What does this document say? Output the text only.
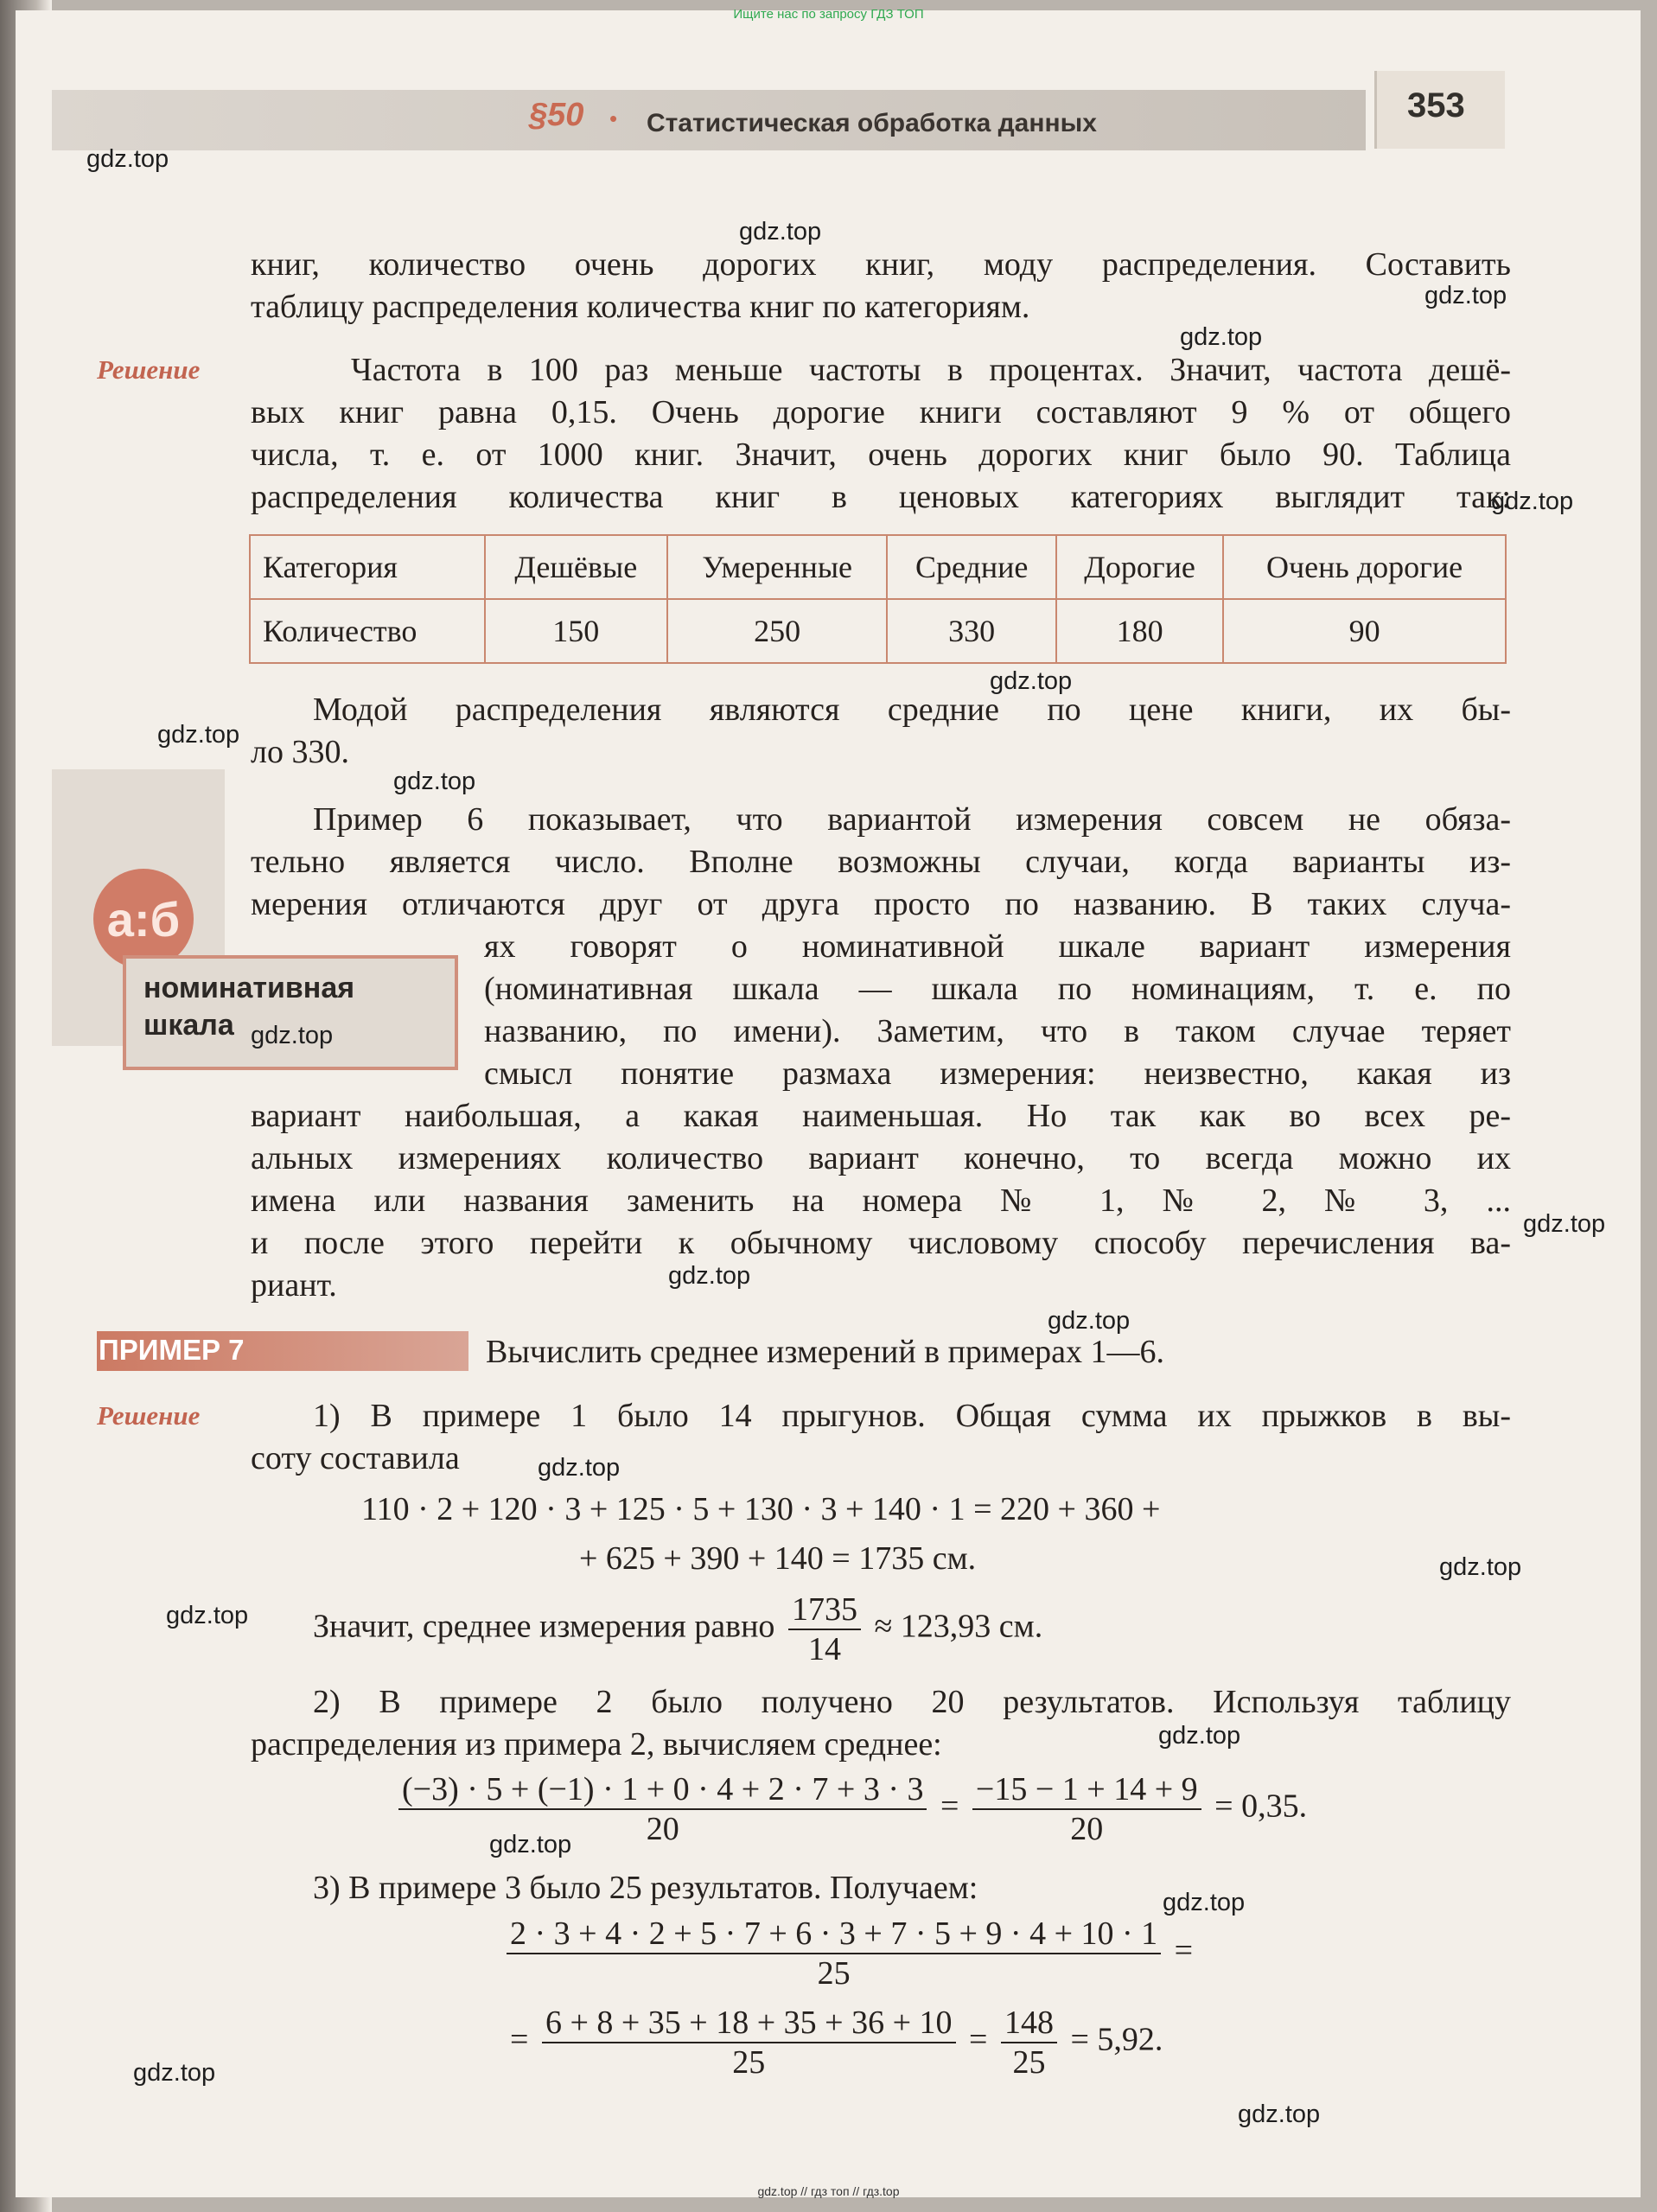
Ищите нас по запросу ГДЗ ТОП
§50 • Статистическая обработка данных	353
книг, количество очень дорогих книг, моду распределения. Составить
таблицу распределения количества книг по категориям.
Решение	Частота в 100 раз меньше частоты в процентах. Значит, частота дешё-
вых книг равна 0,15. Очень дорогие книги составляют 9 % от общего
числа, т. е. от 1000 книг. Значит, очень дорогих книг было 90. Таблица
распределения количества книг в ценовых категориях выглядит так:
Категория	Дешёвые	Умеренные	Средние	Дорогие	Очень дорогие
Количество	150	250	330	180	90
Модой распределения являются средние по цене книги, их бы-
ло 330.
а:б
номинативная
шкала
Пример 6 показывает, что вариантой измерения совсем не обяза-
тельно является число. Вполне возможны случаи, когда варианты из-
мерения отличаются друг от друга просто по названию. В таких случа-
ях говорят о номинативной шкале вариант измерения
(номинативная шкала — шкала по номинациям, т. е. по
названию, по имени). Заметим, что в таком случае теряет
смысл понятие размаха измерения: неизвестно, какая из
вариант наибольшая, а какая наименьшая. Но так как во всех ре-
альных измерениях количество вариант конечно, то всегда можно их
имена или названия заменить на номера № 1, № 2, № 3, ...
и после этого перейти к обычному числовому способу перечисления ва-
риант.
ПРИМЕР 7	Вычислить среднее измерений в примерах 1—6.
Решение	1) В примере 1 было 14 прыгунов. Общая сумма их прыжков в вы-
соту составила
110 · 2 + 120 · 3 + 125 · 5 + 130 · 3 + 140 · 1 = 220 + 360 +
+ 625 + 390 + 140 = 1735 см.
Значит, среднее измерения равно $\frac{1735}{14} \approx 123,93$ см.
2) В примере 2 было получено 20 результатов. Используя таблицу
распределения из примера 2, вычисляем среднее:
$\frac{(-3) \cdot 5 + (-1) \cdot 1 + 0 \cdot 4 + 2 \cdot 7 + 3 \cdot 3}{20} = \frac{-15 - 1 + 14 + 9}{20} = 0,35$.
3) В примере 3 было 25 результатов. Получаем:
$\frac{2 \cdot 3 + 4 \cdot 2 + 5 \cdot 7 + 6 \cdot 3 + 7 \cdot 5 + 9 \cdot 4 + 10 \cdot 1}{25}$ =
= $\frac{6 + 8 + 35 + 18 + 35 + 36 + 10}{25} = \frac{148}{25} = 5,92$.
gdz.top
gdz.top
gdz.top
gdz.top
gdz.top
gdz.top
gdz.top
gdz.top
gdz.top
gdz.top
gdz.top
gdz.top
gdz.top
gdz.top
gdz.top
gdz.top
gdz.top
gdz.top
gdz.top
gdz.top
gdz.top // гдз топ // гдз.top
